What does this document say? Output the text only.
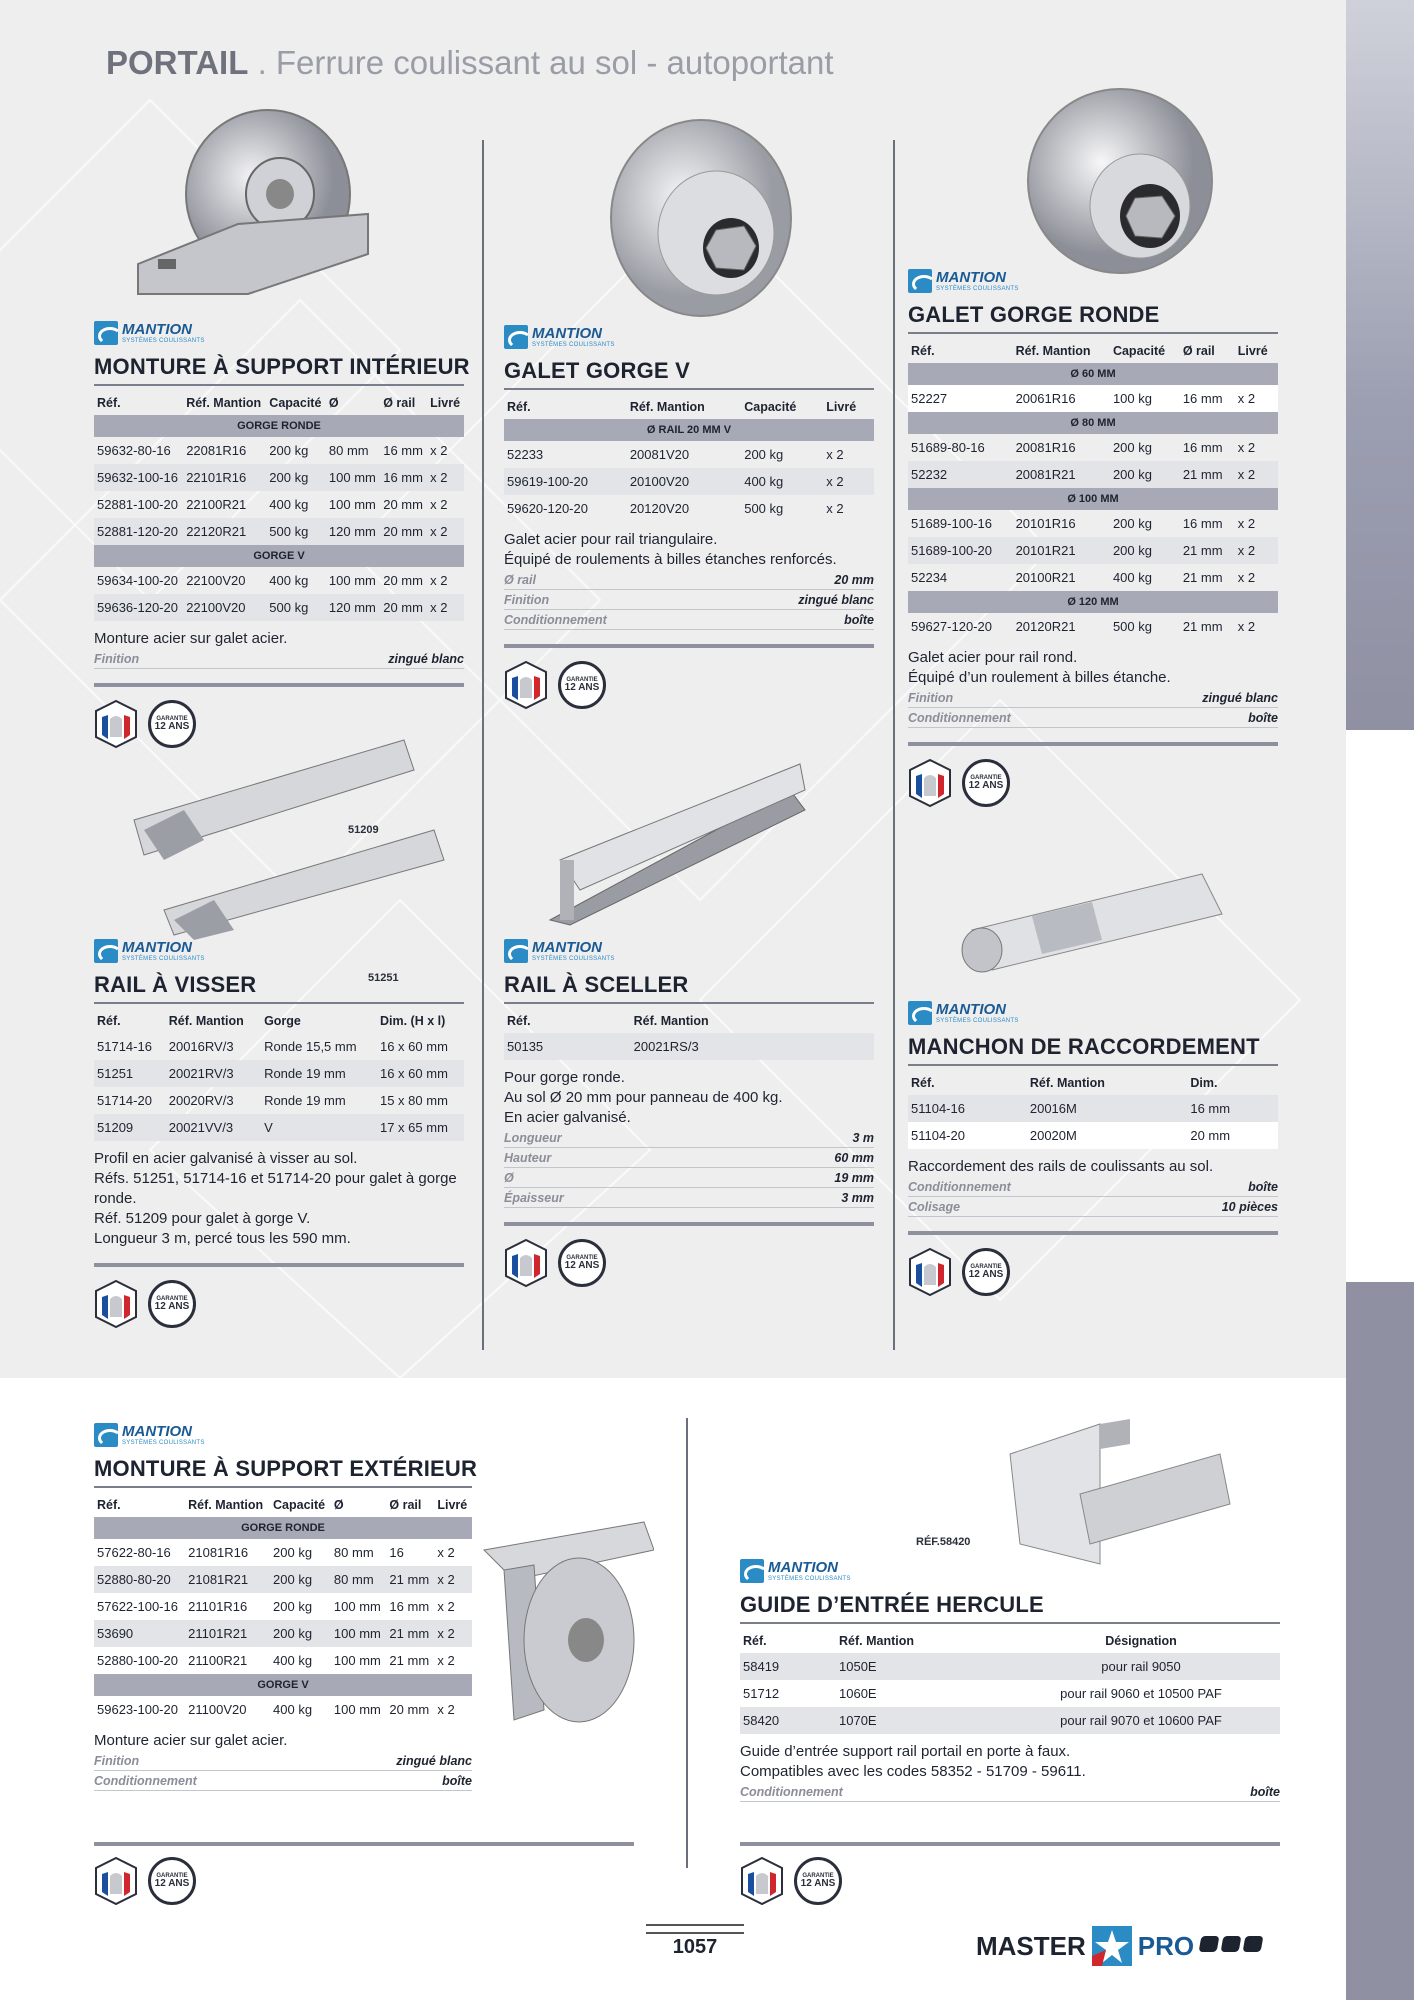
PORTAIL . Ferrure coulissant au sol - autoportant
51209
51251
RÉF.58420
MANTION
SYSTÈMES COULISSANTS
MONTURE À SUPPORT INTÉRIEUR
Réf.	Réf. Mantion	Capacité	Ø	Ø rail	Livré
GORGE RONDE					
59632-80-16	22081R16	200 kg	80 mm	16 mm	x 2
59632-100-16	22101R16	200 kg	100 mm	16 mm	x 2
52881-100-20	22100R21	400 kg	100 mm	20 mm	x 2
52881-120-20	22120R21	500 kg	120 mm	20 mm	x 2
GORGE V					
59634-100-20	22100V20	400 kg	100 mm	20 mm	x 2
59636-120-20	22100V20	500 kg	120 mm	20 mm	x 2
Monture acier sur galet acier.
Finition	zingué blanc
GARANTIE
12 ANS
MANTION
SYSTÈMES COULISSANTS
GALET GORGE V
Réf.	Réf. Mantion	Capacité	Livré
Ø RAIL 20 MM V			
52233	20081V20	200 kg	x 2
59619-100-20	20100V20	400 kg	x 2
59620-120-20	20120V20	500 kg	x 2
Galet acier pour rail triangulaire.
Équipé de roulements à billes étanches renforcés.
Ø rail	20 mm
Finition	zingué blanc
Conditionnement	boîte
GARANTIE
12 ANS
MANTION
SYSTÈMES COULISSANTS
GALET GORGE RONDE
Réf.	Réf. Mantion	Capacité	Ø rail	Livré
Ø 60 MM				
52227	20061R16	100 kg	16 mm	x 2
Ø 80 MM				
51689-80-16	20081R16	200 kg	16 mm	x 2
52232	20081R21	200 kg	21 mm	x 2
Ø 100 MM				
51689-100-16	20101R16	200 kg	16 mm	x 2
51689-100-20	20101R21	200 kg	21 mm	x 2
52234	20100R21	400 kg	21 mm	x 2
Ø 120 MM				
59627-120-20	20120R21	500 kg	21 mm	x 2
Galet acier pour rail rond.
Équipé d’un roulement à billes étanche.
Finition	zingué blanc
Conditionnement	boîte
GARANTIE
12 ANS
MANTION
SYSTÈMES COULISSANTS
RAIL À VISSER
Réf.	Réf. Mantion	Gorge	Dim. (H x l)
51714-16	20016RV/3	Ronde 15,5 mm	16 x 60 mm
51251	20021RV/3	Ronde 19 mm	16 x 60 mm
51714-20	20020RV/3	Ronde 19 mm	15 x 80 mm
51209	20021VV/3	V	17 x 65 mm
Profil en acier galvanisé à visser au sol.
Réfs. 51251, 51714-16 et 51714-20 pour galet à gorge ronde.
Réf. 51209 pour galet à gorge V.
Longueur 3 m, percé tous les 590 mm.
GARANTIE
12 ANS
MANTION
SYSTÈMES COULISSANTS
RAIL À SCELLER
Réf.	Réf. Mantion
50135	20021RS/3
Pour gorge ronde.
Au sol Ø 20 mm pour panneau de 400 kg.
En acier galvanisé.
Longueur	3 m
Hauteur	60 mm
Ø	19 mm
Épaisseur	3 mm
GARANTIE
12 ANS
MANTION
SYSTÈMES COULISSANTS
MANCHON DE RACCORDEMENT
Réf.	Réf. Mantion	Dim.
51104-16	20016M	16 mm
51104-20	20020M	20 mm
Raccordement des rails de coulissants au sol.
Conditionnement	boîte
Colisage	10 pièces
GARANTIE
12 ANS
MANTION
SYSTÈMES COULISSANTS
MONTURE À SUPPORT EXTÉRIEUR
Réf.	Réf. Mantion	Capacité	Ø	Ø rail	Livré
GORGE RONDE					
57622-80-16	21081R16	200 kg	80 mm	16	x 2
52880-80-20	21081R21	200 kg	80 mm	21 mm	x 2
57622-100-16	21101R16	200 kg	100 mm	16 mm	x 2
53690	21101R21	200 kg	100 mm	21 mm	x 2
52880-100-20	21100R21	400 kg	100 mm	21 mm	x 2
GORGE V					
59623-100-20	21100V20	400 kg	100 mm	20 mm	x 2
Monture acier sur galet acier.
Finition	zingué blanc
Conditionnement	boîte
GARANTIE
12 ANS
MANTION
SYSTÈMES COULISSANTS
GUIDE D’ENTRÉE HERCULE
Réf.	Réf. Mantion	Désignation
58419	1050E	pour rail 9050
51712	1060E	pour rail 9060 et 10500 PAF
58420	1070E	pour rail 9070 et 10600 PAF
Guide d’entrée support rail portail en porte à faux.
Compatibles avec les codes 58352 - 51709 - 59611.
Conditionnement	boîte
GARANTIE
12 ANS
1057	MASTER PRO
